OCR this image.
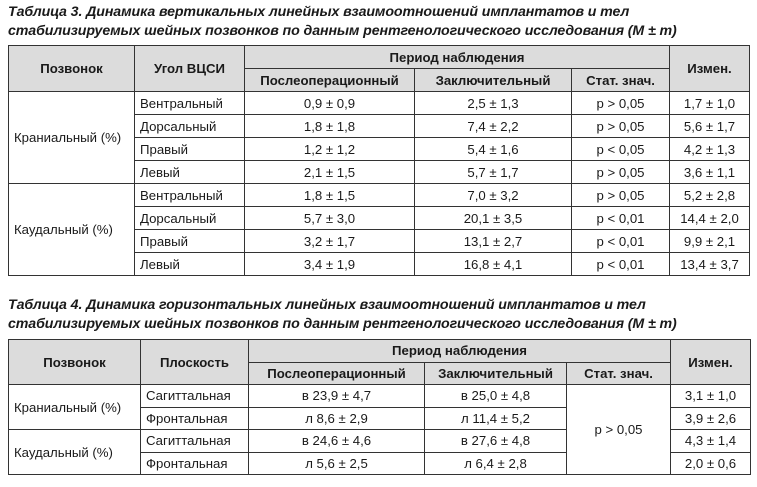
Таблица 3. Динамика вертикальных линейных взаимоотношений имплантатов и тел
стабилизируемых шейных позвонков по данным рентгенологического исследования (M ± m)
Позвонок	Угол ВЦСИ	Период наблюдения			Измен.
		Послеоперационный	Заключительный	Стат. знач.	
Краниальный (%)	Вентральный	0,9 ± 0,9	2,5 ± 1,3	p > 0,05	1,7 ± 1,0
	Дорсальный	1,8 ± 1,8	7,4 ± 2,2	p > 0,05	5,6 ± 1,7
	Правый	1,2 ± 1,2	5,4 ± 1,6	p < 0,05	4,2 ± 1,3
	Левый	2,1 ± 1,5	5,7 ± 1,7	p > 0,05	3,6 ± 1,1
Каудальный (%)	Вентральный	1,8 ± 1,5	7,0 ± 3,2	p > 0,05	5,2 ± 2,8
	Дорсальный	5,7 ± 3,0	20,1 ± 3,5	p < 0,01	14,4 ± 2,0
	Правый	3,2 ± 1,7	13,1 ± 2,7	p < 0,01	9,9 ± 2,1
	Левый	3,4 ± 1,9	16,8 ± 4,1	p < 0,01	13,4 ± 3,7
Таблица 4. Динамика горизонтальных линейных взаимоотношений имплантатов и тел
стабилизируемых шейных позвонков по данным рентгенологического исследования (M ± m)
Позвонок	Плоскость	Период наблюдения			Измен.
		Послеоперационный	Заключительный	Стат. знач.	
Краниальный (%)	Сагиттальная	в 23,9 ± 4,7	в 25,0 ± 4,8	p > 0,05	3,1 ± 1,0
	Фронтальная	л 8,6 ± 2,9	л 11,4 ± 5,2		3,9 ± 2,6
Каудальный (%)	Сагиттальная	в 24,6 ± 4,6	в 27,6 ± 4,8		4,3 ± 1,4
	Фронтальная	л 5,6 ± 2,5	л 6,4 ± 2,8		2,0 ± 0,6
